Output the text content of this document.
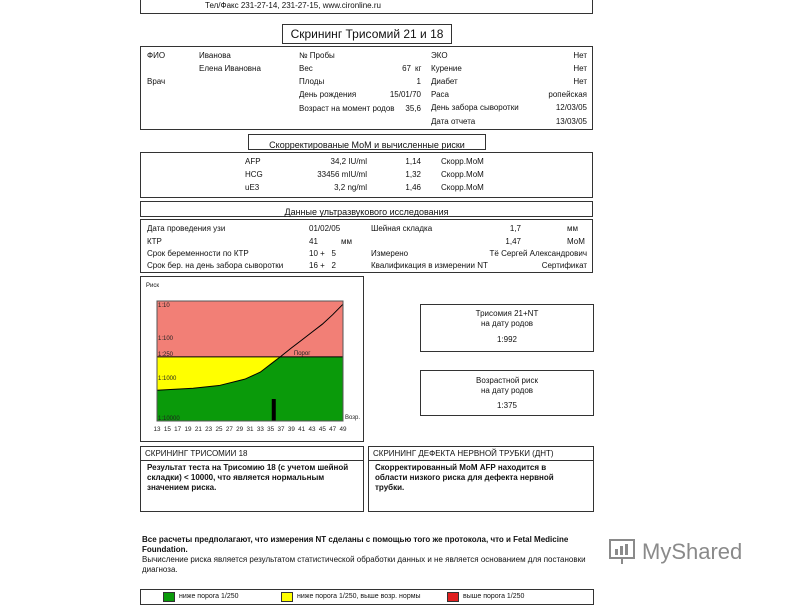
Тел/Факс 231-27-14, 231-27-15, www.cironline.ru
Скрининг Трисомий 21 и 18
ФИО	Иванова
Елена Ивановна
Врач
№ Пробы
Вес	67 кг
Плоды	1
День рождения	15/01/70
Возраст на момент родов	35,6
ЭКО	Нет
Курение	Нет
Диабет	Нет
Раса	ропейская
День забора сыворотки	12/03/05
Дата отчета	13/03/05
Скорректированые МоМ и вычисленные риски
AFP	34,2 IU/ml	1,14	Скорр.МоМ
HCG	33456 mIU/ml	1,32	Скорр.МоМ
uE3	3,2 ng/ml	1,46	Скорр.МоМ
Данные ультразвукового исследования
Дата проведения узи	01/02/05
КТР	41	мм
Срок беременности по КТР	10 +   5
Срок бер. на день забора сыворотки	16 +   2
Шейная складка	1,7	мм
1,47	МоМ
Измерено	Тё Сергей Александрович
Квалификация в измерении NT	Сертификат
Риск
1:10
1:100
1:250
1:1000
1:10000
Порог
13 15 17 19 21 23 25 27 29 31 33 35 37 39 41 43 45 47 49
Возр.
Трисомия 21+NT
на дату родов
1:992
Возрастной риск
на дату родов
1:375
СКРИНИНГ ТРИСОМИИ 18
Результат теста на Трисомию 18 (с учетом шейной складки) < 10000, что является нормальным значением риска.
СКРИНИНГ ДЕФЕКТА НЕРВНОЙ ТРУБКИ (ДНТ)
Скорректированный МоМ AFP находится в области низкого риска для дефекта нервной трубки.
Все расчеты предполагают, что измерения NT сделаны с помощью того же протокола, что и Fetal Medicine Foundation.
Вычисление риска является результатом статистической обработки данных и не является основанием для постановки диагноза.
ниже порога 1/250	ниже порога 1/250, выше возр. нормы	выше порога 1/250
MyShared
